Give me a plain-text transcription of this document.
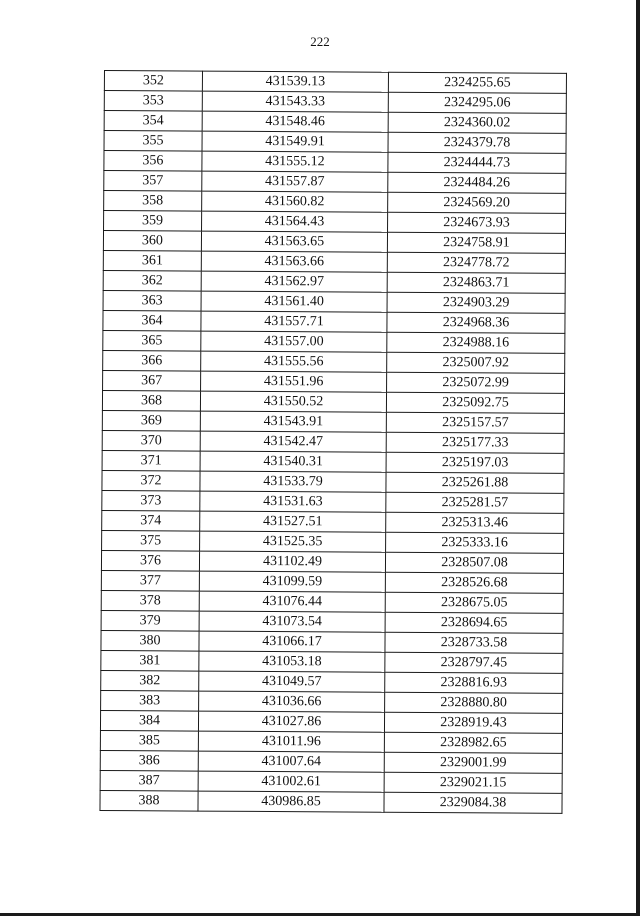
222
352	431539.13	2324255.65
353	431543.33	2324295.06
354	431548.46	2324360.02
355	431549.91	2324379.78
356	431555.12	2324444.73
357	431557.87	2324484.26
358	431560.82	2324569.20
359	431564.43	2324673.93
360	431563.65	2324758.91
361	431563.66	2324778.72
362	431562.97	2324863.71
363	431561.40	2324903.29
364	431557.71	2324968.36
365	431557.00	2324988.16
366	431555.56	2325007.92
367	431551.96	2325072.99
368	431550.52	2325092.75
369	431543.91	2325157.57
370	431542.47	2325177.33
371	431540.31	2325197.03
372	431533.79	2325261.88
373	431531.63	2325281.57
374	431527.51	2325313.46
375	431525.35	2325333.16
376	431102.49	2328507.08
377	431099.59	2328526.68
378	431076.44	2328675.05
379	431073.54	2328694.65
380	431066.17	2328733.58
381	431053.18	2328797.45
382	431049.57	2328816.93
383	431036.66	2328880.80
384	431027.86	2328919.43
385	431011.96	2328982.65
386	431007.64	2329001.99
387	431002.61	2329021.15
388	430986.85	2329084.38
